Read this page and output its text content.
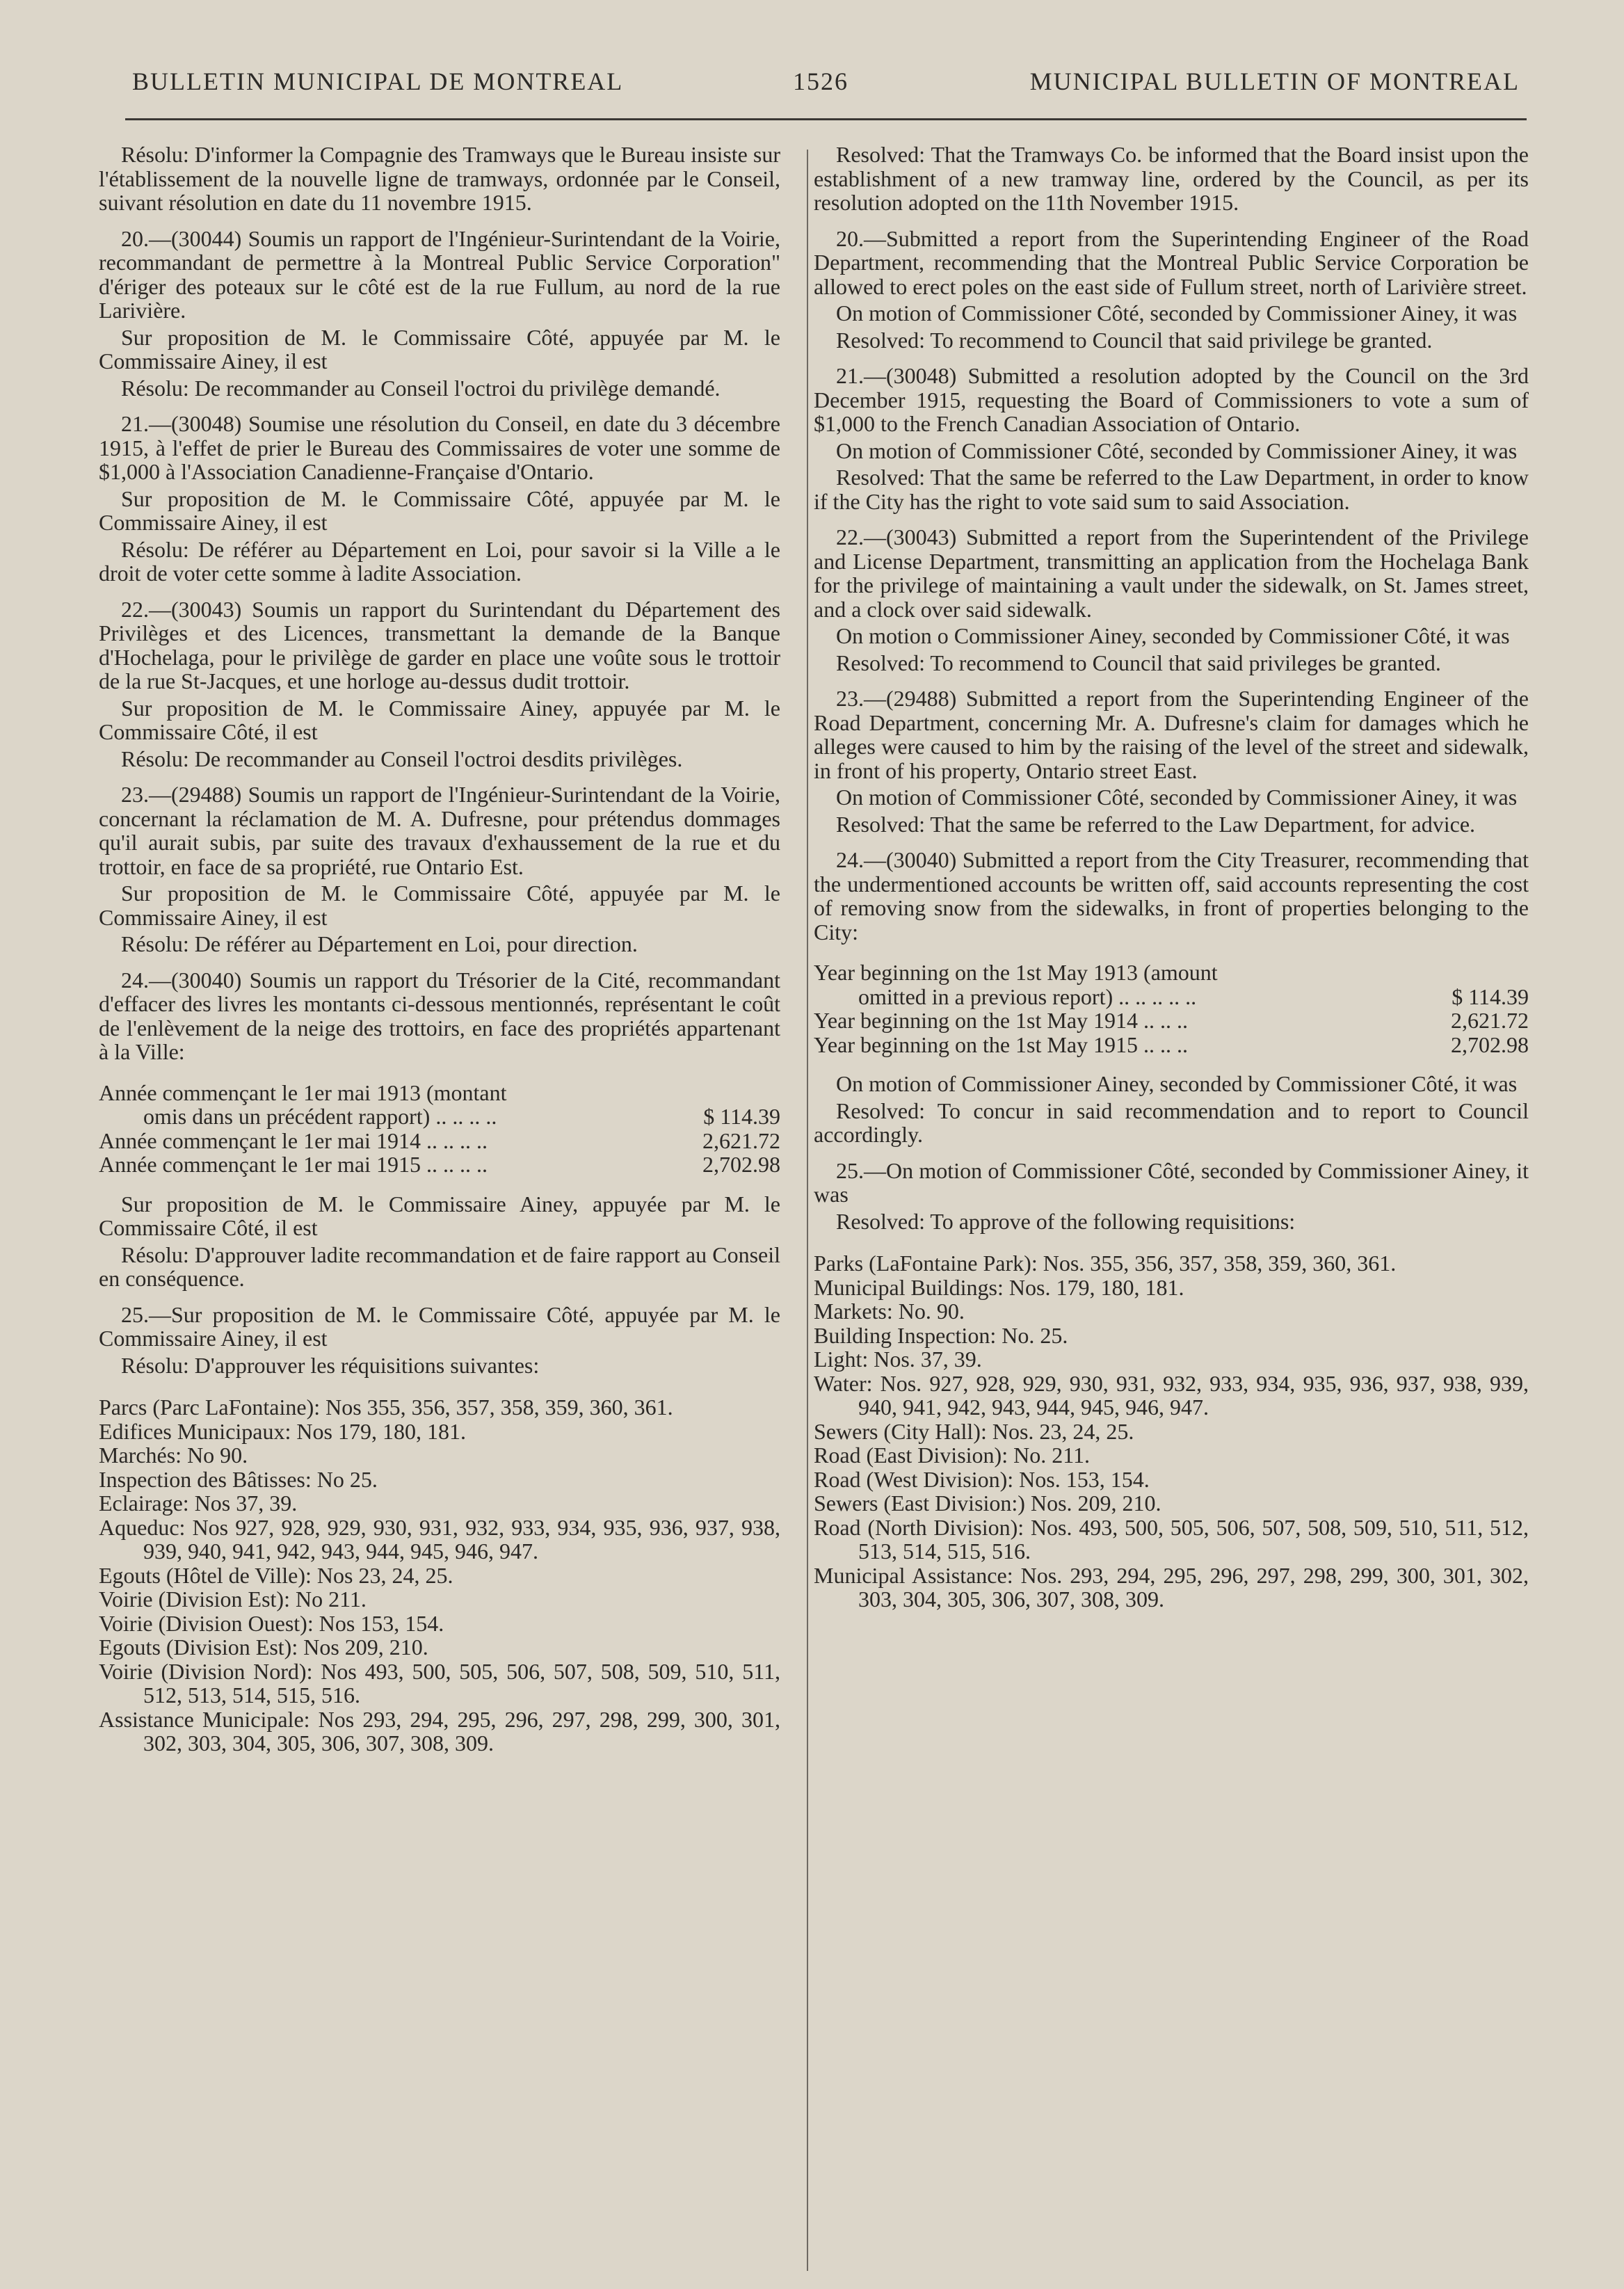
BULLETIN MUNICIPAL DE MONTREAL	1526	MUNICIPAL BULLETIN OF MONTREAL

Résolu: D'informer la Compagnie des Tramways que le Bureau insiste sur l'établissement de la nouvelle ligne de tramways, ordonnée par le Conseil, suivant résolution en date du 11 novembre 1915.

20.—(30044) Soumis un rapport de l'Ingénieur-Surintendant de la Voirie, recommandant de permettre à la Montreal Public Service Corporation" d'ériger des poteaux sur le côté est de la rue Fullum, au nord de la rue Larivière.

Sur proposition de M. le Commissaire Côté, appuyée par M. le Commissaire Ainey, il est

Résolu: De recommander au Conseil l'octroi du privilège demandé.

21.—(30048) Soumise une résolution du Conseil, en date du 3 décembre 1915, à l'effet de prier le Bureau des Commissaires de voter une somme de $1,000 à l'Association Canadienne-Française d'Ontario.

Sur proposition de M. le Commissaire Côté, appuyée par M. le Commissaire Ainey, il est

Résolu: De référer au Département en Loi, pour savoir si la Ville a le droit de voter cette somme à ladite Association.

22.—(30043) Soumis un rapport du Surintendant du Département des Privilèges et des Licences, transmettant la demande de la Banque d'Hochelaga, pour le privilège de garder en place une voûte sous le trottoir de la rue St-Jacques, et une horloge au-dessus dudit trottoir.

Sur proposition de M. le Commissaire Ainey, appuyée par M. le Commissaire Côté, il est

Résolu: De recommander au Conseil l'octroi desdits privilèges.

23.—(29488) Soumis un rapport de l'Ingénieur-Surintendant de la Voirie, concernant la réclamation de M. A. Dufresne, pour prétendus dommages qu'il aurait subis, par suite des travaux d'exhaussement de la rue et du trottoir, en face de sa propriété, rue Ontario Est.

Sur proposition de M. le Commissaire Côté, appuyée par M. le Commissaire Ainey, il est

Résolu: De référer au Département en Loi, pour direction.

24.—(30040) Soumis un rapport du Trésorier de la Cité, recommandant d'effacer des livres les montants ci-dessous mentionnés, représentant le coût de l'enlèvement de la neige des trottoirs, en face des propriétés appartenant à la Ville:

Année commençant le 1er mai 1913 (montant
omis dans un précédent rapport) .. .. .. ..	$ 114.39
Année commençant le 1er mai 1914 .. .. .. ..	2,621.72
Année commençant le 1er mai 1915 .. .. .. ..	2,702.98

Sur proposition de M. le Commissaire Ainey, appuyée par M. le Commissaire Côté, il est

Résolu: D'approuver ladite recommandation et de faire rapport au Conseil en conséquence.

25.—Sur proposition de M. le Commissaire Côté, appuyée par M. le Commissaire Ainey, il est

Résolu: D'approuver les réquisitions suivantes:

Parcs (Parc LaFontaine): Nos 355, 356, 357, 358, 359, 360, 361.

Edifices Municipaux: Nos 179, 180, 181.

Marchés: No 90.

Inspection des Bâtisses: No 25.

Eclairage: Nos 37, 39.

Aqueduc: Nos 927, 928, 929, 930, 931, 932, 933, 934, 935, 936, 937, 938, 939, 940, 941, 942, 943, 944, 945, 946, 947.

Egouts (Hôtel de Ville): Nos 23, 24, 25.

Voirie (Division Est): No 211.

Voirie (Division Ouest): Nos 153, 154.

Egouts (Division Est): Nos 209, 210.

Voirie (Division Nord): Nos 493, 500, 505, 506, 507, 508, 509, 510, 511, 512, 513, 514, 515, 516.

Assistance Municipale: Nos 293, 294, 295, 296, 297, 298, 299, 300, 301, 302, 303, 304, 305, 306, 307, 308, 309.

Resolved: That the Tramways Co. be informed that the Board insist upon the establishment of a new tramway line, ordered by the Council, as per its resolution adopted on the 11th November 1915.

20.—Submitted a report from the Superintending Engineer of the Road Department, recommending that the Montreal Public Service Corporation be allowed to erect poles on the east side of Fullum street, north of Larivière street.

On motion of Commissioner Côté, seconded by Commissioner Ainey, it was

Resolved: To recommend to Council that said privilege be granted.

21.—(30048) Submitted a resolution adopted by the Council on the 3rd December 1915, requesting the Board of Commissioners to vote a sum of $1,000 to the French Canadian Association of Ontario.

On motion of Commissioner Côté, seconded by Commissioner Ainey, it was

Resolved: That the same be referred to the Law Department, in order to know if the City has the right to vote said sum to said Association.

22.—(30043) Submitted a report from the Superintendent of the Privilege and License Department, transmitting an application from the Hochelaga Bank for the privilege of maintaining a vault under the sidewalk, on St. James street, and a clock over said sidewalk.

On motion o Commissioner Ainey, seconded by Commissioner Côté, it was

Resolved: To recommend to Council that said privileges be granted.

23.—(29488) Submitted a report from the Superintending Engineer of the Road Department, concerning Mr. A. Dufresne's claim for damages which he alleges were caused to him by the raising of the level of the street and sidewalk, in front of his property, Ontario street East.

On motion of Commissioner Côté, seconded by Commissioner Ainey, it was

Resolved: That the same be referred to the Law Department, for advice.

24.—(30040) Submitted a report from the City Treasurer, recommending that the undermentioned accounts be written off, said accounts representing the cost of removing snow from the sidewalks, in front of properties belonging to the City:

Year beginning on the 1st May 1913 (amount
omitted in a previous report) .. .. .. .. ..	$ 114.39
Year beginning on the 1st May 1914 .. .. ..	2,621.72
Year beginning on the 1st May 1915 .. .. ..	2,702.98

On motion of Commissioner Ainey, seconded by Commissioner Côté, it was

Resolved: To concur in said recommendation and to report to Council accordingly.

25.—On motion of Commissioner Côté, seconded by Commissioner Ainey, it was

Resolved: To approve of the following requisitions:

Parks (LaFontaine Park): Nos. 355, 356, 357, 358, 359, 360, 361.

Municipal Buildings: Nos. 179, 180, 181.

Markets: No. 90.

Building Inspection: No. 25.

Light: Nos. 37, 39.

Water: Nos. 927, 928, 929, 930, 931, 932, 933, 934, 935, 936, 937, 938, 939, 940, 941, 942, 943, 944, 945, 946, 947.

Sewers (City Hall): Nos. 23, 24, 25.

Road (East Division): No. 211.

Road (West Division): Nos. 153, 154.

Sewers (East Division:) Nos. 209, 210.

Road (North Division): Nos. 493, 500, 505, 506, 507, 508, 509, 510, 511, 512, 513, 514, 515, 516.

Municipal Assistance: Nos. 293, 294, 295, 296, 297, 298, 299, 300, 301, 302, 303, 304, 305, 306, 307, 308, 309.
